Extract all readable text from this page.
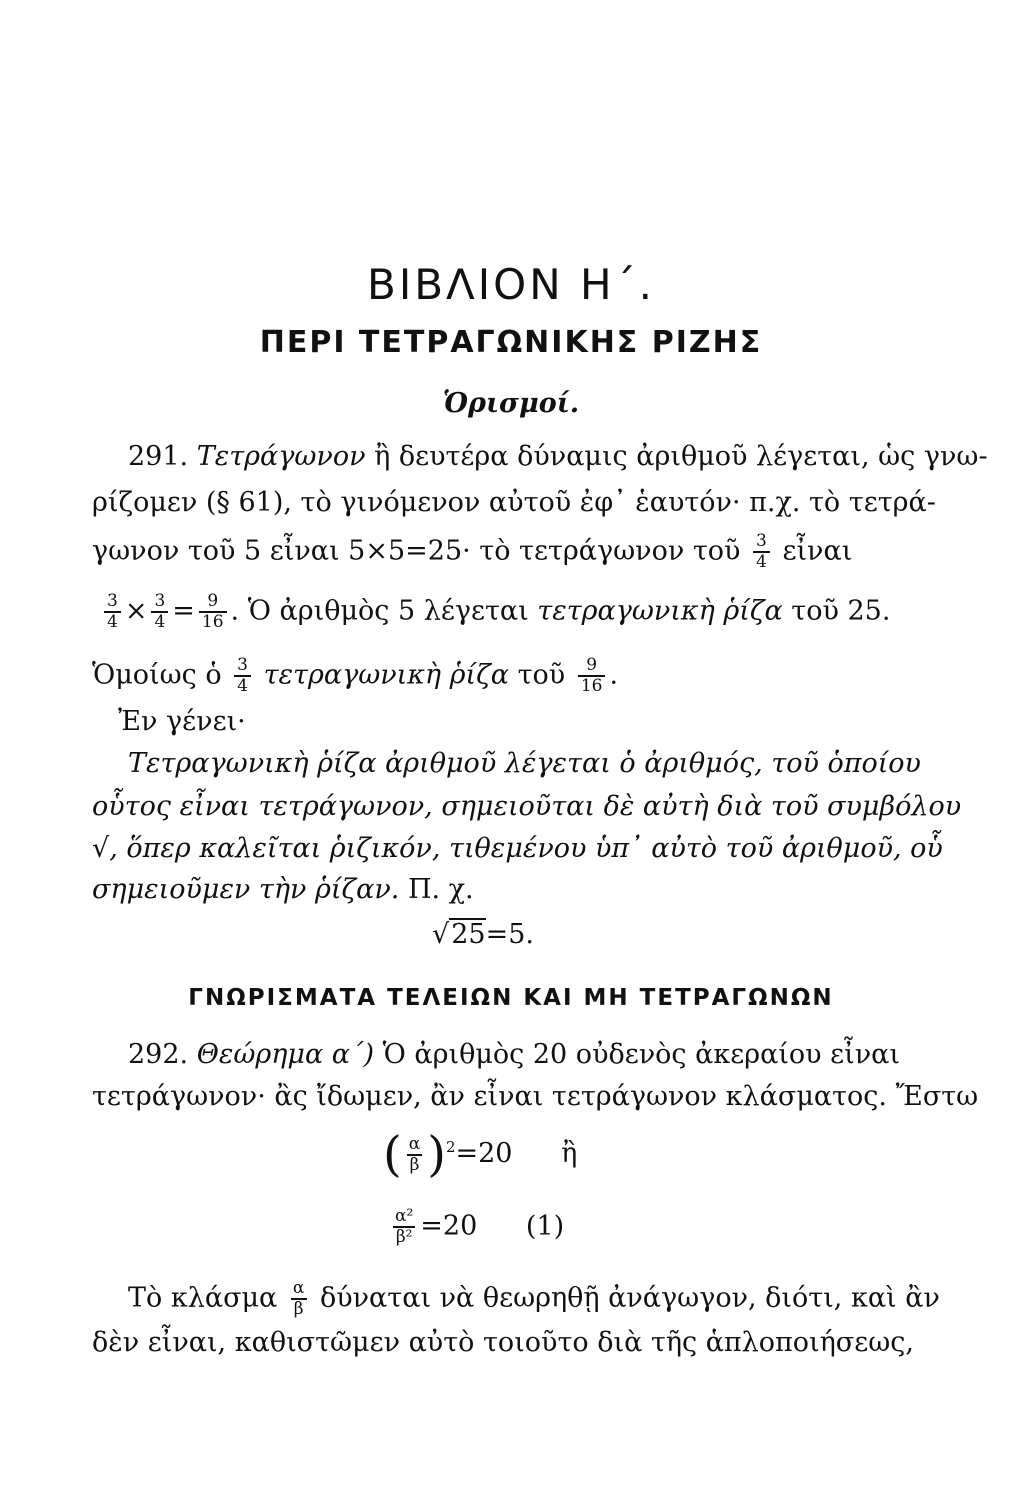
ΒΙΒΛΙΟΝ Η΄.
ΠΕΡΙ ΤΕΤΡΑΓΩΝΙΚΗΣ ΡΙΖΗΣ
Ὁρισμοί.
291. Τετράγωνον ἢ δευτέρα δύναμις ἀριθμοῦ λέγεται, ὡς γνω-
ρίζομεν (§ 61), τὸ γινόμενον αὐτοῦ ἐφ᾽ ἑαυτόν· π.χ. τὸ τετρά-
γωνον τοῦ 5 εἶναι 5×5=25· τὸ τετράγωνον τοῦ $\frac{3}{4}$ εἶναι
$\frac{3}{4} \times \frac{3}{4} = \frac{9}{16}$ . Ὁ ἀριθμὸς 5 λέγεται τετραγωνικὴ ῥίζα τοῦ 25.
Ὁμοίως ὁ $\frac{3}{4}$ τετραγωνικὴ ῥίζα τοῦ $\frac{9}{16}$ .
Ἐν γένει·
Τετραγωνικὴ ῥίζα ἀριθμοῦ λέγεται ὁ ἀριθμός, τοῦ ὁποίου
οὗτος εἶναι τετράγωνον, σημειοῦται δὲ αὐτὴ διὰ τοῦ συμβόλου
√, ὅπερ καλεῖται ῥιζικόν, τιθεμένου ὑπ᾽ αὐτὸ τοῦ ἀριθμοῦ, οὗ
σημειοῦμεν τὴν ῥίζαν. Π. χ.
√25=5.
ΓΝΩΡΙΣΜΑΤΑ ΤΕΛΕΙΩΝ ΚΑΙ ΜΗ ΤΕΤΡΑΓΩΝΩΝ
292. Θεώρημα α΄) Ὁ ἀριθμὸς 20 οὐδενὸς ἀκεραίου εἶναι
τετράγωνον· ἂς ἴδωμεν, ἂν εἶναι τετράγωνον κλάσματος. Ἔστω
( $\frac{\alpha}{\beta} )^2=20$ ἢ
$\frac{\text{α²}}{\text{β²}} =20$ (1)
Τὸ κλάσμα $\frac{\alpha}{\beta}$ δύναται νὰ θεωρηθῇ ἀνάγωγον, διότι, καὶ ἂν
δὲν εἶναι, καθιστῶμεν αὐτὸ τοιοῦτο διὰ τῆς ἁπλοποιήσεως,
